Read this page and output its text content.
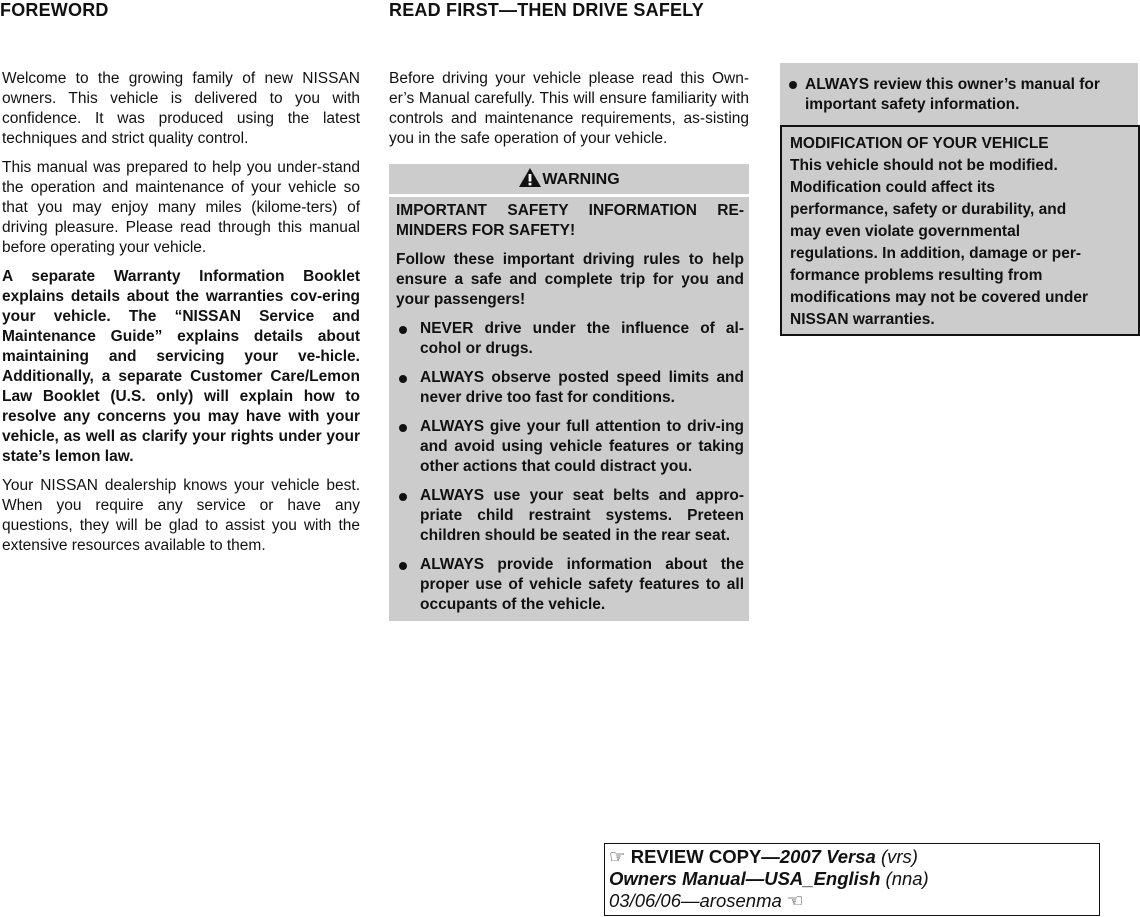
FOREWORD	READ FIRST—THEN DRIVE SAFELY

Welcome to the growing family of new NISSAN owners. This vehicle is delivered to you with confidence. It was produced using the latest techniques and strict quality control.

This manual was prepared to help you under-stand the operation and maintenance of your vehicle so that you may enjoy many miles (kilome-ters) of driving pleasure. Please read through this manual before operating your vehicle.

A separate Warranty Information Booklet explains details about the warranties cov-ering your vehicle. The “NISSAN Service and Maintenance Guide” explains details about maintaining and servicing your ve-hicle. Additionally, a separate Customer Care/Lemon Law Booklet (U.S. only) will explain how to resolve any concerns you may have with your vehicle, as well as clarify your rights under your state’s lemon law.

Your NISSAN dealership knows your vehicle best. When you require any service or have any questions, they will be glad to assist you with the extensive resources available to them.

Before driving your vehicle please read this Own-er’s Manual carefully. This will ensure familiarity with controls and maintenance requirements, as-sisting you in the safe operation of your vehicle.

WARNING

IMPORTANT SAFETY INFORMATION RE-MINDERS FOR SAFETY!

Follow these important driving rules to help ensure a safe and complete trip for you and your passengers!

NEVER drive under the influence of al-cohol or drugs.
ALWAYS observe posted speed limits and never drive too fast for conditions.
ALWAYS give your full attention to driv-ing and avoid using vehicle features or taking other actions that could distract you.
ALWAYS use your seat belts and appro-priate child restraint systems. Preteen children should be seated in the rear seat.
ALWAYS provide information about the proper use of vehicle safety features to all occupants of the vehicle.
ALWAYS review this owner’s manual for important safety information.
MODIFICATION OF YOUR VEHICLE
This vehicle should not be modified.
Modification could affect its
performance, safety or durability, and
may even violate governmental
regulations. In addition, damage or per-
formance problems resulting from
modifications may not be covered under
NISSAN warranties.
☞ REVIEW COPY—2007 Versa (vrs)
Owners Manual—USA_English (nna)
03/06/06—arosenma ☜
